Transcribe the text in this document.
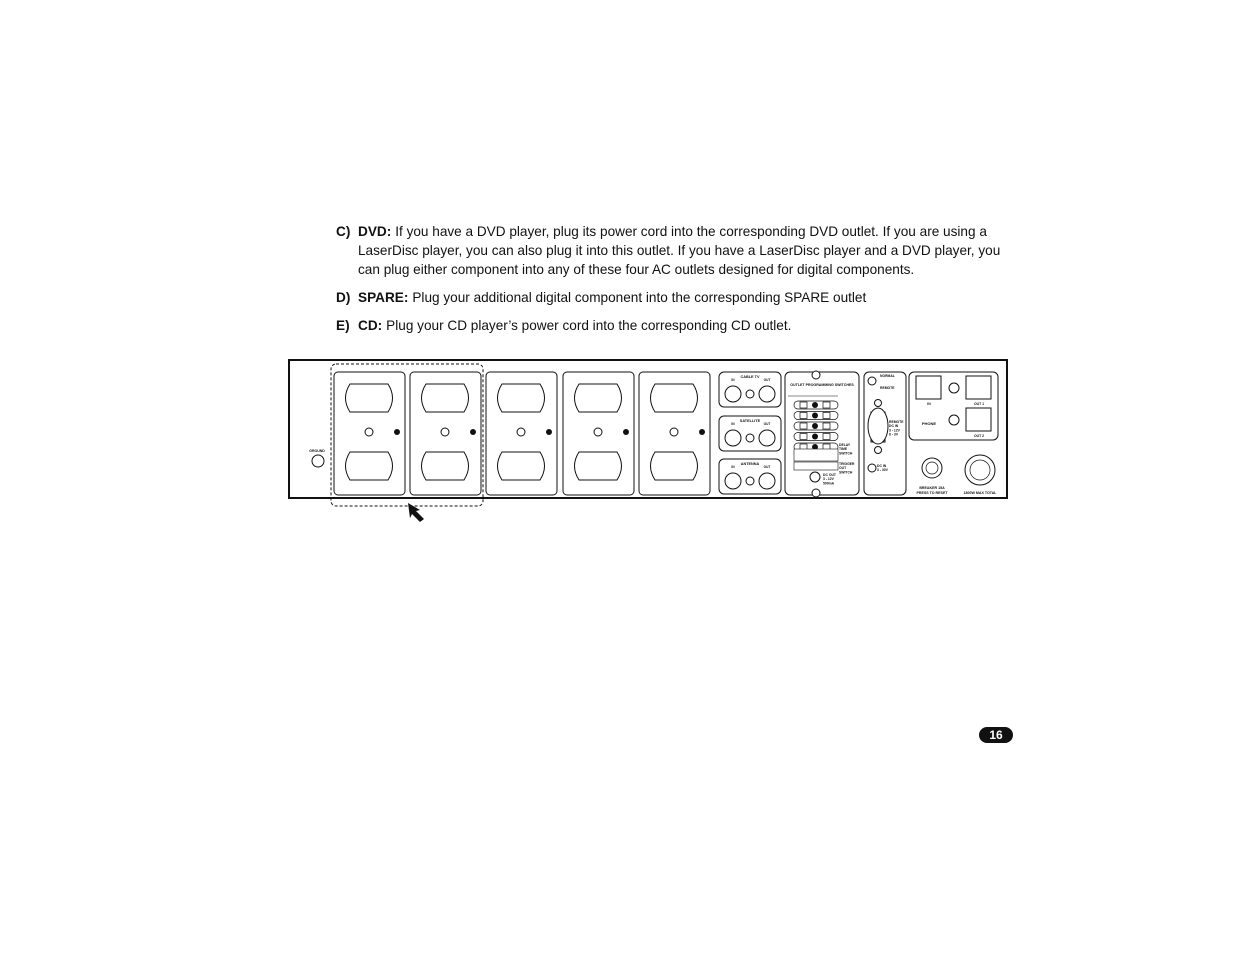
C) DVD: If you have a DVD player, plug its power cord into the corresponding DVD outlet. If you are using a
LaserDisc player, you can also plug it into this outlet. If you have a LaserDisc player and a DVD player, you
can plug either component into any of these four AC outlets designed for digital components.
D) SPARE: Plug your additional digital component into the corresponding SPARE outlet
E) CD: Plug your CD player’s power cord into the corresponding CD outlet.
GROUND
1	1	2	3	4
CABLE TV
IN	OUT
SATELLITE
IN	OUT
ANTENNA
IN	OUT
OUTLET PROGRAMMING SWITCHES
1
2
3
4
5
DELAY
TIME
SWITCH
TRIGGER
OUT
SWITCH
DC OUT
3 - 12V
500mA
NORMAL
REMOTE
REMOTE
DC IN
3 - 12V
6 - 3V
DC IN
3 - 30V
IN	OUT 1
OUT 2
PHONE
BREAKER 15A
PRESS TO RESET	1800W MAX TOTAL
16
